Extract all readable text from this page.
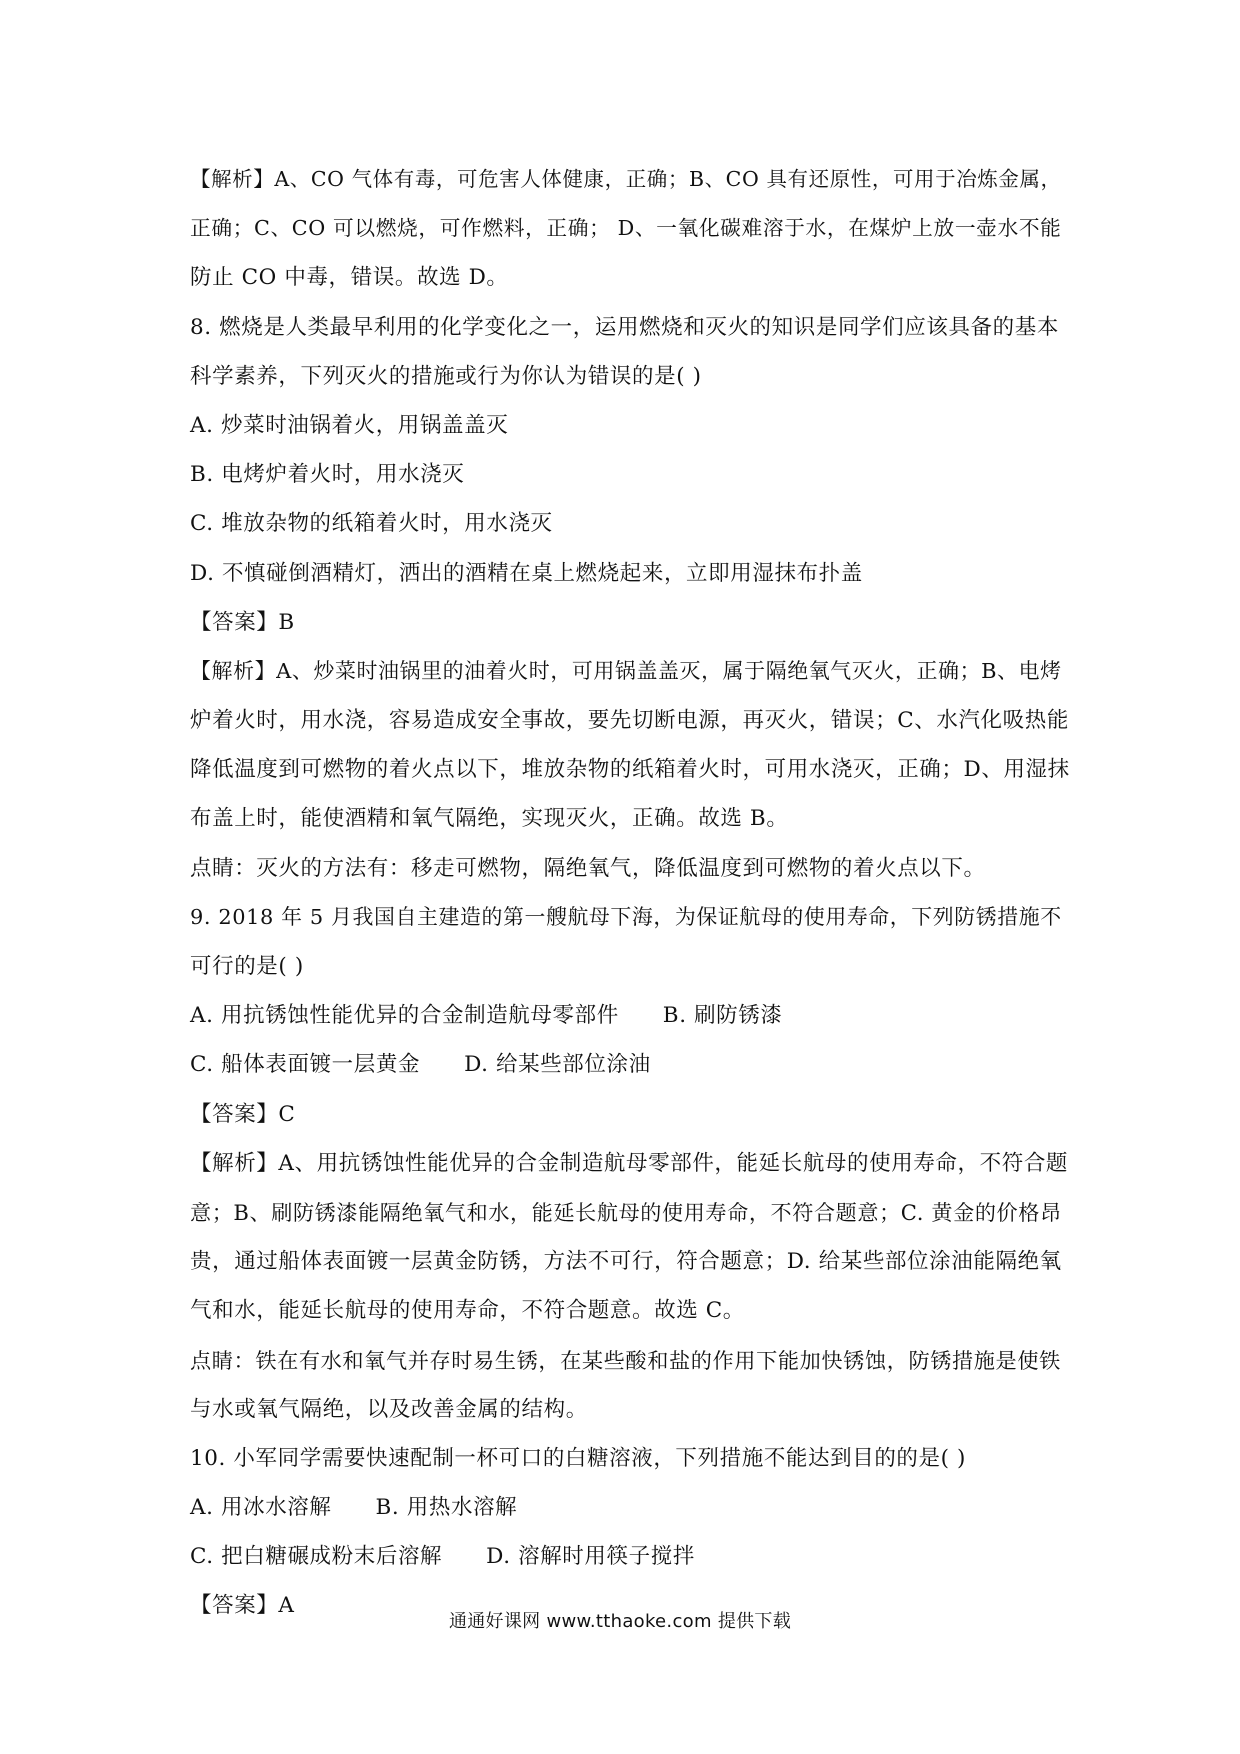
【解析】A、CO 气体有毒，可危害人体健康，正确；B、CO 具有还原性，可用于冶炼金属，
正确；C、CO 可以燃烧，可作燃料，正确； D、一氧化碳难溶于水，在煤炉上放一壶水不能
防止 CO 中毒，错误。故选 D。
8. 燃烧是人类最早利用的化学变化之一，运用燃烧和灭火的知识是同学们应该具备的基本
科学素养，下列灭火的措施或行为你认为错误的是( )
A. 炒菜时油锅着火，用锅盖盖灭
B. 电烤炉着火时，用水浇灭
C. 堆放杂物的纸箱着火时，用水浇灭
D. 不慎碰倒酒精灯，洒出的酒精在桌上燃烧起来，立即用湿抹布扑盖
【答案】B
【解析】A、炒菜时油锅里的油着火时，可用锅盖盖灭，属于隔绝氧气灭火，正确；B、电烤
炉着火时，用水浇，容易造成安全事故，要先切断电源，再灭火，错误；C、水汽化吸热能
降低温度到可燃物的着火点以下，堆放杂物的纸箱着火时，可用水浇灭，正确；D、用湿抹
布盖上时，能使酒精和氧气隔绝，实现灭火，正确。故选 B。
点睛：灭火的方法有：移走可燃物，隔绝氧气，降低温度到可燃物的着火点以下。
9. 2018 年 5 月我国自主建造的第一艘航母下海，为保证航母的使用寿命，下列防锈措施不
可行的是( )
A. 用抗锈蚀性能优异的合金制造航母零部件 B. 刷防锈漆
C. 船体表面镀一层黄金 D. 给某些部位涂油
【答案】C
【解析】A、用抗锈蚀性能优异的合金制造航母零部件，能延长航母的使用寿命，不符合题
意；B、刷防锈漆能隔绝氧气和水，能延长航母的使用寿命，不符合题意；C. 黄金的价格昂
贵，通过船体表面镀一层黄金防锈，方法不可行，符合题意；D. 给某些部位涂油能隔绝氧
气和水，能延长航母的使用寿命，不符合题意。故选 C。
点睛：铁在有水和氧气并存时易生锈，在某些酸和盐的作用下能加快锈蚀，防锈措施是使铁
与水或氧气隔绝，以及改善金属的结构。
10. 小军同学需要快速配制一杯可口的白糖溶液，下列措施不能达到目的的是( )
A. 用冰水溶解 B. 用热水溶解
C. 把白糖碾成粉末后溶解 D. 溶解时用筷子搅拌
【答案】A
通通好课网 www.tthaoke.com 提供下载
